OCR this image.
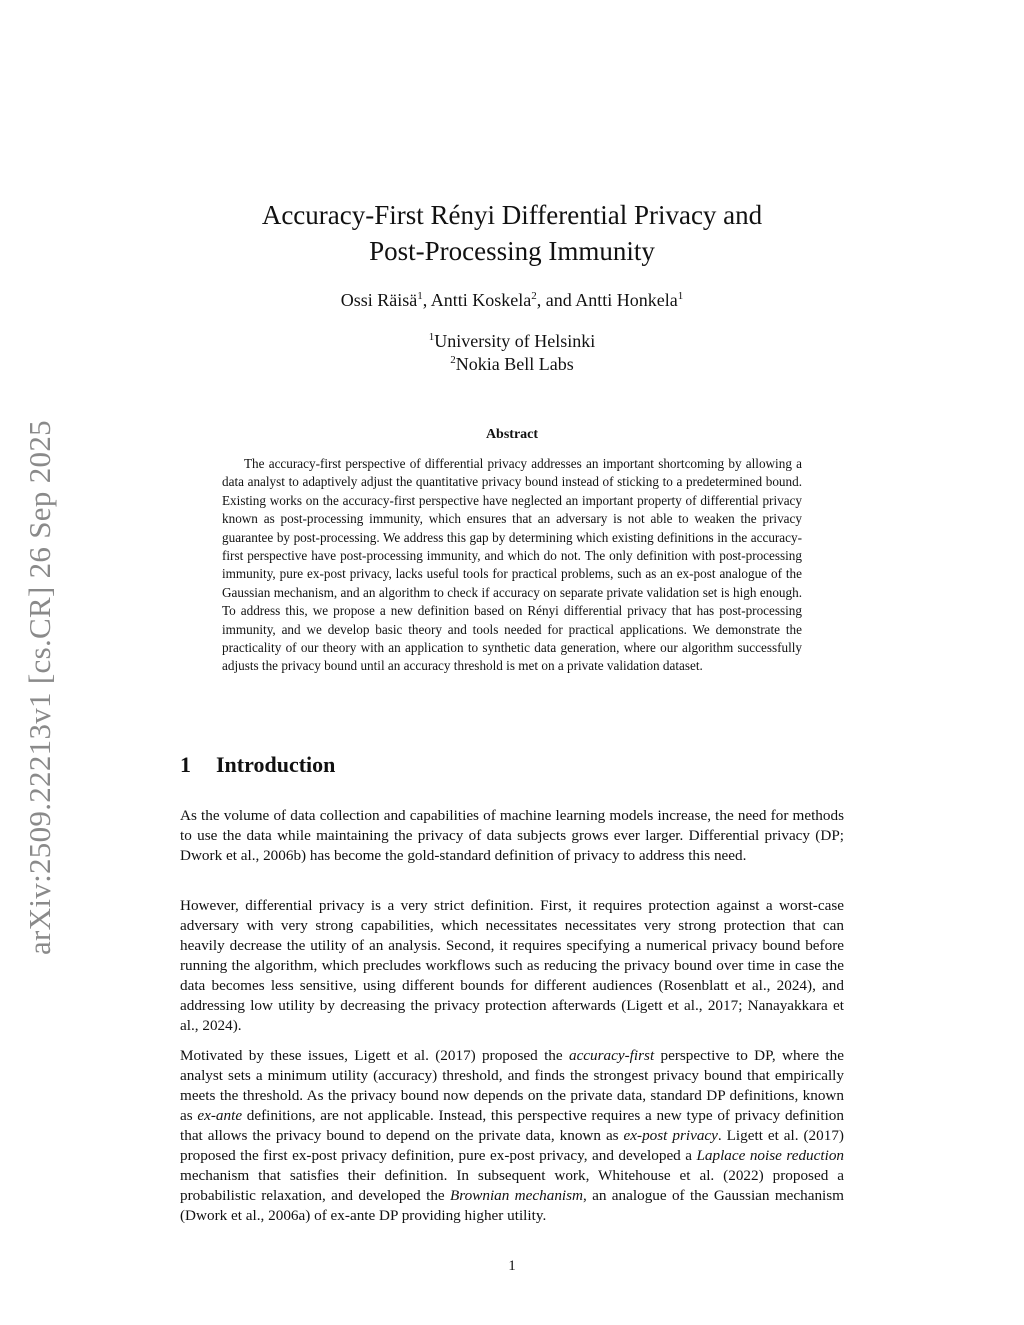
arXiv:2509.22213v1 [cs.CR] 26 Sep 2025
Accuracy-First Rényi Differential Privacy and
Post-Processing Immunity
Ossi Räisä$^1$, Antti Koskela$^2$, and Antti Honkela$^1$
$^1$University of Helsinki
$^2$Nokia Bell Labs
Abstract

The accuracy-first perspective of differential privacy addresses an important shortcoming by allowing a data analyst to adaptively adjust the quantitative privacy bound instead of sticking to a predetermined bound. Existing works on the accuracy-first perspective have neglected an important property of differential privacy known as post-processing immunity, which ensures that an adversary is not able to weaken the privacy guarantee by post-processing. We address this gap by determining which existing definitions in the accuracy-first perspective have post-processing immunity, and which do not. The only definition with post-processing immunity, pure ex-post privacy, lacks useful tools for practical problems, such as an ex-post analogue of the Gaussian mechanism, and an algorithm to check if accuracy on separate private validation set is high enough. To address this, we propose a new definition based on Rényi differential privacy that has post-processing immunity, and we develop basic theory and tools needed for practical applications. We demonstrate the practicality of our theory with an application to synthetic data generation, where our algorithm successfully adjusts the privacy bound until an accuracy threshold is met on a private validation dataset.

1 Introduction

As the volume of data collection and capabilities of machine learning models increase, the need for methods to use the data while maintaining the privacy of data subjects grows ever larger. Differential privacy (DP; Dwork et al., 2006b) has become the gold-standard definition of privacy to address this need.

However, differential privacy is a very strict definition. First, it requires protection against a worst-case adversary with very strong capabilities, which necessitates necessitates very strong protection that can heavily decrease the utility of an analysis. Second, it requires specifying a numerical privacy bound before running the algorithm, which precludes workflows such as reducing the privacy bound over time in case the data becomes less sensitive, using different bounds for different audiences (Rosenblatt et al., 2024), and addressing low utility by decreasing the privacy protection afterwards (Ligett et al., 2017; Nanayakkara et al., 2024).

Motivated by these issues, Ligett et al. (2017) proposed the accuracy-first perspective to DP, where the analyst sets a minimum utility (accuracy) threshold, and finds the strongest privacy bound that empirically meets the threshold. As the privacy bound now depends on the private data, standard DP definitions, known as ex-ante definitions, are not applicable. Instead, this perspective requires a new type of privacy definition that allows the privacy bound to depend on the private data, known as ex-post privacy. Ligett et al. (2017) proposed the first ex-post privacy definition, pure ex-post privacy, and developed a Laplace noise reduction mechanism that satisfies their definition. In subsequent work, Whitehouse et al. (2022) proposed a probabilistic relaxation, and developed the Brownian mechanism, an analogue of the Gaussian mechanism (Dwork et al., 2006a) of ex-ante DP providing higher utility.

1
